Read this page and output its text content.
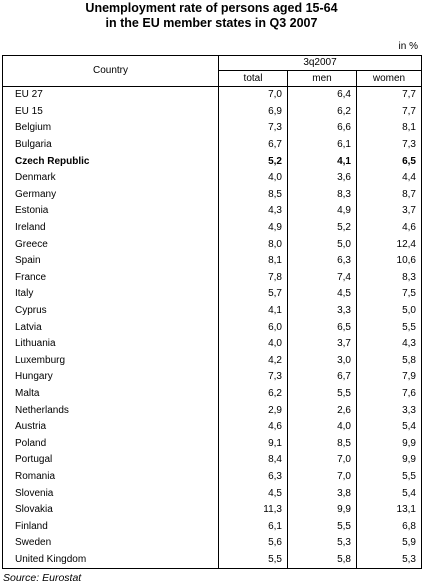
Unemployment rate of persons aged 15-64
in the EU member states in Q3 2007
in %
Country	3q2007		
	total	men	women
EU 27	7,0	6,4	7,7
EU 15	6,9	6,2	7,7
Belgium	7,3	6,6	8,1
Bulgaria	6,7	6,1	7,3
Czech Republic	5,2	4,1	6,5
Denmark	4,0	3,6	4,4
Germany	8,5	8,3	8,7
Estonia	4,3	4,9	3,7
Ireland	4,9	5,2	4,6
Greece	8,0	5,0	12,4
Spain	8,1	6,3	10,6
France	7,8	7,4	8,3
Italy	5,7	4,5	7,5
Cyprus	4,1	3,3	5,0
Latvia	6,0	6,5	5,5
Lithuania	4,0	3,7	4,3
Luxemburg	4,2	3,0	5,8
Hungary	7,3	6,7	7,9
Malta	6,2	5,5	7,6
Netherlands	2,9	2,6	3,3
Austria	4,6	4,0	5,4
Poland	9,1	8,5	9,9
Portugal	8,4	7,0	9,9
Romania	6,3	7,0	5,5
Slovenia	4,5	3,8	5,4
Slovakia	11,3	9,9	13,1
Finland	6,1	5,5	6,8
Sweden	5,6	5,3	5,9
United Kingdom	5,5	5,8	5,3
Source: Eurostat
